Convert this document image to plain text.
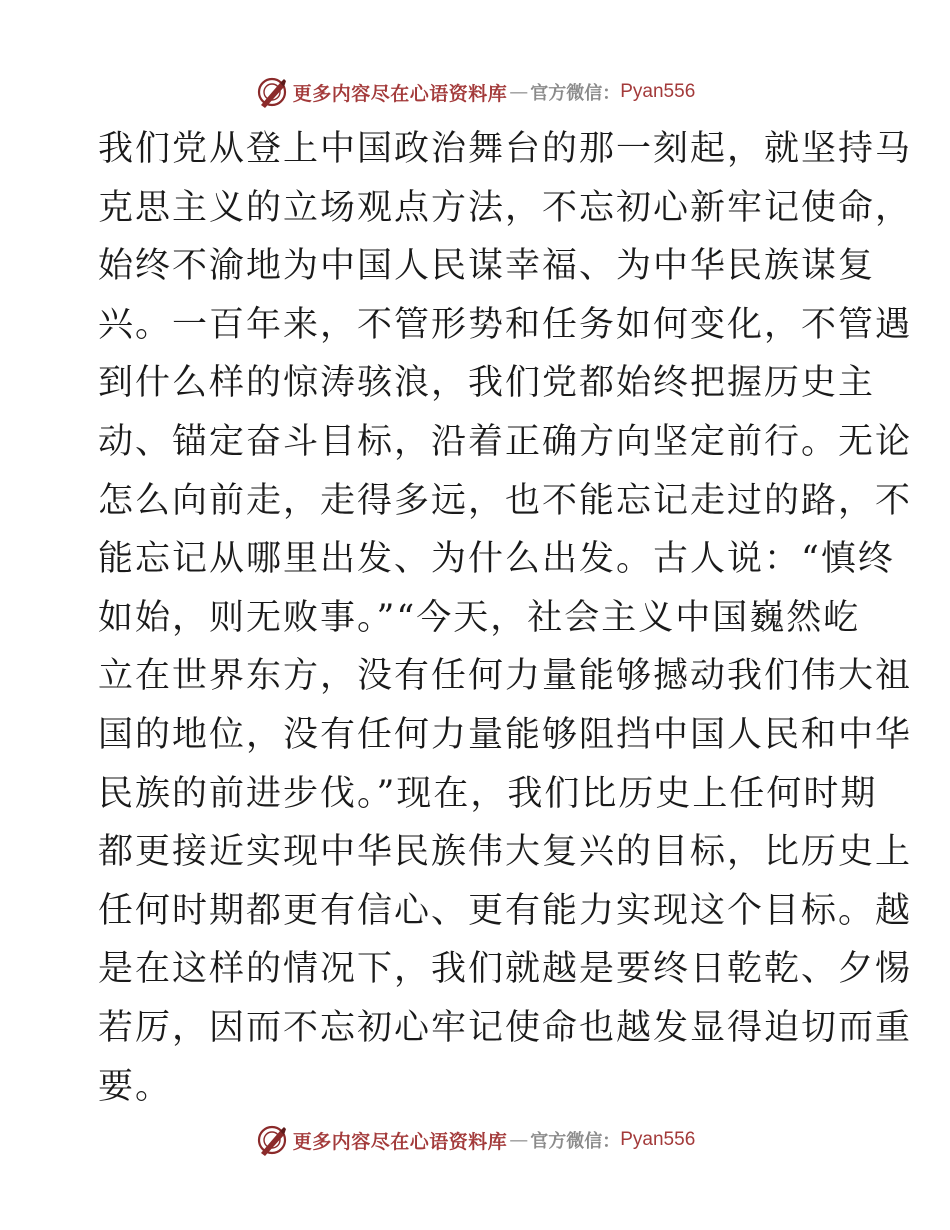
更多内容尽在心语资料库 — 官方微信： Pyan556
我们党从登上中国政治舞台的那一刻起，就坚持马
克思主义的立场观点方法，不忘初心新牢记使命，
始终不渝地为中国人民谋幸福、为中华民族谋复
兴。一百年来，不管形势和任务如何变化，不管遇
到什么样的惊涛骇浪，我们党都始终把握历史主
动、锚定奋斗目标，沿着正确方向坚定前行。无论
怎么向前走，走得多远，也不能忘记走过的路，不
能忘记从哪里出发、为什么出发。古人说：“慎终
如始，则无败事。”“今天，社会主义中国巍然屹
立在世界东方，没有任何力量能够撼动我们伟大祖
国的地位，没有任何力量能够阻挡中国人民和中华
民族的前进步伐。”现在，我们比历史上任何时期
都更接近实现中华民族伟大复兴的目标，比历史上
任何时期都更有信心、更有能力实现这个目标。越
是在这样的情况下，我们就越是要终日乾乾、夕惕
若厉，因而不忘初心牢记使命也越发显得迫切而重
要。
更多内容尽在心语资料库 — 官方微信： Pyan556
